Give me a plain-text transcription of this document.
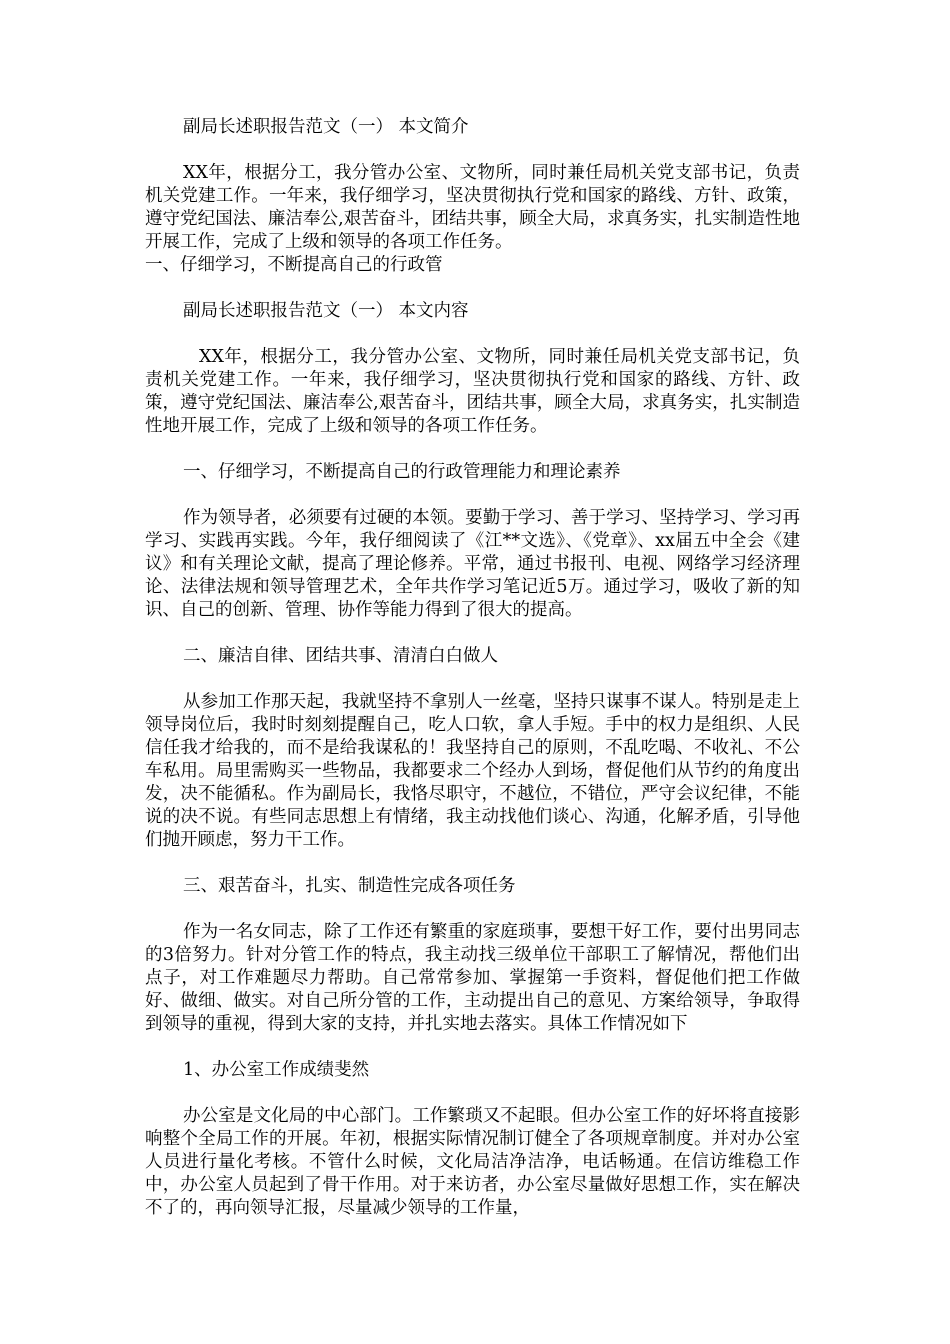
副局长述职报告范文（一） 本文简介

XX年，根据分工，我分管办公室、文物所，同时兼任局机关党支部书记，负责机关党建工作。一年来，我仔细学习，坚决贯彻执行党和国家的路线、方针、政策，遵守党纪国法、廉洁奉公,艰苦奋斗，团结共事，顾全大局，求真务实，扎实制造性地开展工作，完成了上级和领导的各项工作任务。

一、仔细学习，不断提高自己的行政管

副局长述职报告范文（一） 本文内容

XX年，根据分工，我分管办公室、文物所，同时兼任局机关党支部书记，负责机关党建工作。一年来，我仔细学习，坚决贯彻执行党和国家的路线、方针、政策，遵守党纪国法、廉洁奉公,艰苦奋斗，团结共事，顾全大局，求真务实，扎实制造性地开展工作，完成了上级和领导的各项工作任务。

一、仔细学习，不断提高自己的行政管理能力和理论素养

作为领导者，必须要有过硬的本领。要勤于学习、善于学习、坚持学习、学习再学习、实践再实践。今年，我仔细阅读了《江**文选》、《党章》、xx届五中全会《建议》和有关理论文献，提高了理论修养。平常，通过书报刊、电视、网络学习经济理论、法律法规和领导管理艺术，全年共作学习笔记近5万。通过学习，吸收了新的知识、自己的创新、管理、协作等能力得到了很大的提高。

二、廉洁自律、团结共事、清清白白做人

从参加工作那天起，我就坚持不拿别人一丝毫，坚持只谋事不谋人。特别是走上领导岗位后，我时时刻刻提醒自己，吃人口软，拿人手短。手中的权力是组织、人民信任我才给我的，而不是给我谋私的！我坚持自己的原则，不乱吃喝、不收礼、不公车私用。局里需购买一些物品，我都要求二个经办人到场，督促他们从节约的角度出发，决不能循私。作为副局长，我恪尽职守，不越位，不错位，严守会议纪律，不能说的决不说。有些同志思想上有情绪，我主动找他们谈心、沟通，化解矛盾，引导他们抛开顾虑，努力干工作。

三、艰苦奋斗，扎实、制造性完成各项任务

作为一名女同志，除了工作还有繁重的家庭琐事，要想干好工作，要付出男同志的3倍努力。针对分管工作的特点，我主动找三级单位干部职工了解情况，帮他们出点子，对工作难题尽力帮助。自己常常参加、掌握第一手资料，督促他们把工作做好、做细、做实。对自己所分管的工作，主动提出自己的意见、方案给领导，争取得到领导的重视，得到大家的支持，并扎实地去落实。具体工作情况如下

1、办公室工作成绩斐然

办公室是文化局的中心部门。工作繁琐又不起眼。但办公室工作的好坏将直接影响整个全局工作的开展。年初，根据实际情况制订健全了各项规章制度。并对办公室人员进行量化考核。不管什么时候，文化局洁净洁净，电话畅通。在信访维稳工作中，办公室人员起到了骨干作用。对于来访者，办公室尽量做好思想工作，实在解决不了的，再向领导汇报，尽量减少领导的工作量，
